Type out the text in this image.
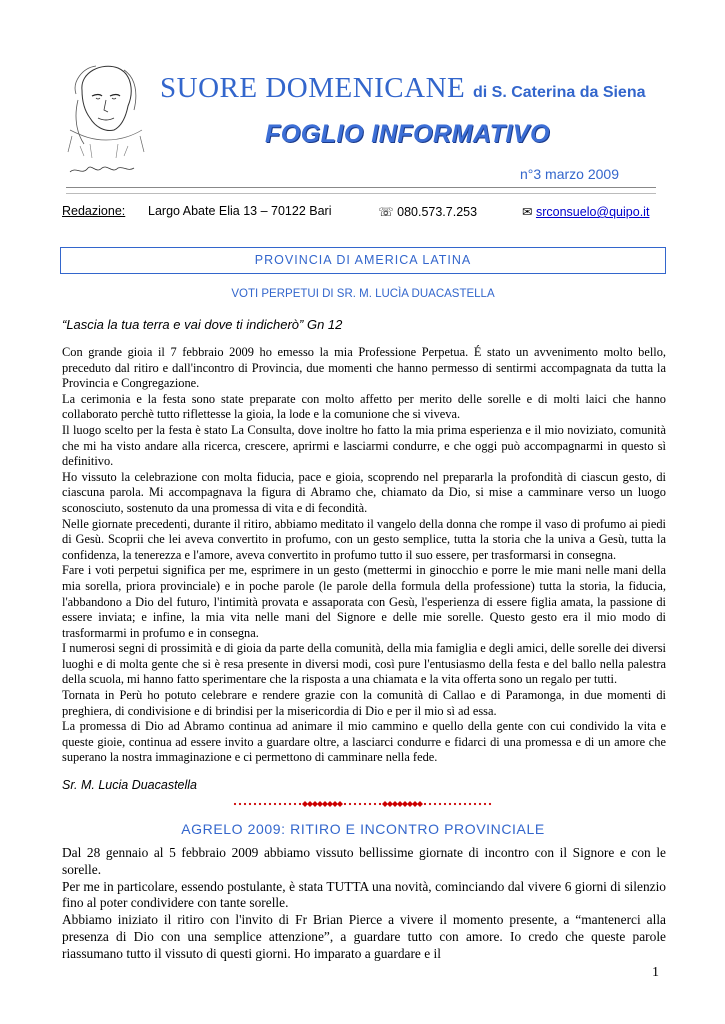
SUORE DOMENICANE di S. Caterina da Siena
FOGLIO INFORMATIVO
n°3 marzo 2009
Redazione: Largo Abate Elia 13 – 70122 Bari	☏ 080.573.7.253	✉ srconsuelo@quipo.it
PROVINCIA DI AMERICA LATINA
VOTI PERPETUI DI SR. M. LUCÌA DUACASTELLA
“Lascia la tua terra e vai dove ti indicherò” Gn 12

Con grande gioia il 7 febbraio 2009 ho emesso la mia Professione Perpetua. É stato un avvenimento molto bello, preceduto dal ritiro e dall'incontro di Provincia, due momenti che hanno permesso di sentirmi accompagnata da tutta la Provincia e Congregazione.

La cerimonia e la festa sono state preparate con molto affetto per merito delle sorelle e di molti laici che hanno collaborato perchè tutto riflettesse la gioia, la lode e la comunione che si viveva.

Il luogo scelto per la festa è stato La Consulta, dove inoltre ho fatto la mia prima esperienza e il mio noviziato, comunità che mi ha visto andare alla ricerca, crescere, aprirmi e lasciarmi condurre, e che oggi può accompagnarmi in questo sì definitivo.

Ho vissuto la celebrazione con molta fiducia, pace e gioia, scoprendo nel prepararla la profondità di ciascun gesto, di ciascuna parola. Mi accompagnava la figura di Abramo che, chiamato da Dio, si mise a camminare verso un luogo sconosciuto, sostenuto da una promessa di vita e di fecondità.

Nelle giornate precedenti, durante il ritiro, abbiamo meditato il vangelo della donna che rompe il vaso di profumo ai piedi di Gesù. Scoprii che lei aveva convertito in profumo, con un gesto semplice, tutta la storia che la univa a Gesù, tutta la confidenza, la tenerezza e l'amore, aveva convertito in profumo tutto il suo essere, per trasformarsi in consegna.

Fare i voti perpetui significa per me, esprimere in un gesto (mettermi in ginocchio e porre le mie mani nelle mani della mia sorella, priora provinciale) e in poche parole (le parole della formula della professione) tutta la storia, la fiducia, l'abbandono a Dio del futuro, l'intimità provata e assaporata con Gesù, l'esperienza di essere figlia amata, la passione di essere inviata; e infine, la mia vita nelle mani del Signore e delle mie sorelle. Questo gesto era il mio modo di trasformarmi in profumo e in consegna.

I numerosi segni di prossimità e di gioia da parte della comunità, della mia famiglia e degli amici, delle sorelle dei diversi luoghi e di molta gente che si è resa presente in diversi modi, così pure l'entusiasmo della festa e del ballo nella palestra della scuola, mi hanno fatto sperimentare che la risposta a una chiamata e la vita offerta sono un regalo per tutti.

Tornata in Perù ho potuto celebrare e rendere grazie con la comunità di Callao e di Paramonga, in due momenti di preghiera, di condivisione e di brindisi per la misericordia di Dio e per il mio sì ad essa.

La promessa di Dio ad Abramo continua ad animare il mio cammino e quello della gente con cui condivido la vita e queste gioie, continua ad essere invito a guardare oltre, a lasciarci condurre e fidarci di una promessa e di un amore che superano la nostra immaginazione e ci permettono di camminare nella fede.

Sr. M. Lucia Duacastella
AGRELO 2009: RITIRO E INCONTRO PROVINCIALE

Dal 28 gennaio al 5 febbraio 2009 abbiamo vissuto bellissime giornate di incontro con il Signore e con le sorelle.

Per me in particolare, essendo postulante, è stata TUTTA una novità, cominciando dal vivere 6 giorni di silenzio fino al poter condividere con tante sorelle.

Abbiamo iniziato il ritiro con l'invito di Fr Brian Pierce a vivere il momento presente, a “mantenerci alla presenza di Dio con una semplice attenzione”, a guardare tutto con amore. Io credo che queste parole riassumano tutto il vissuto di questi giorni. Ho imparato a guardare e il

1
